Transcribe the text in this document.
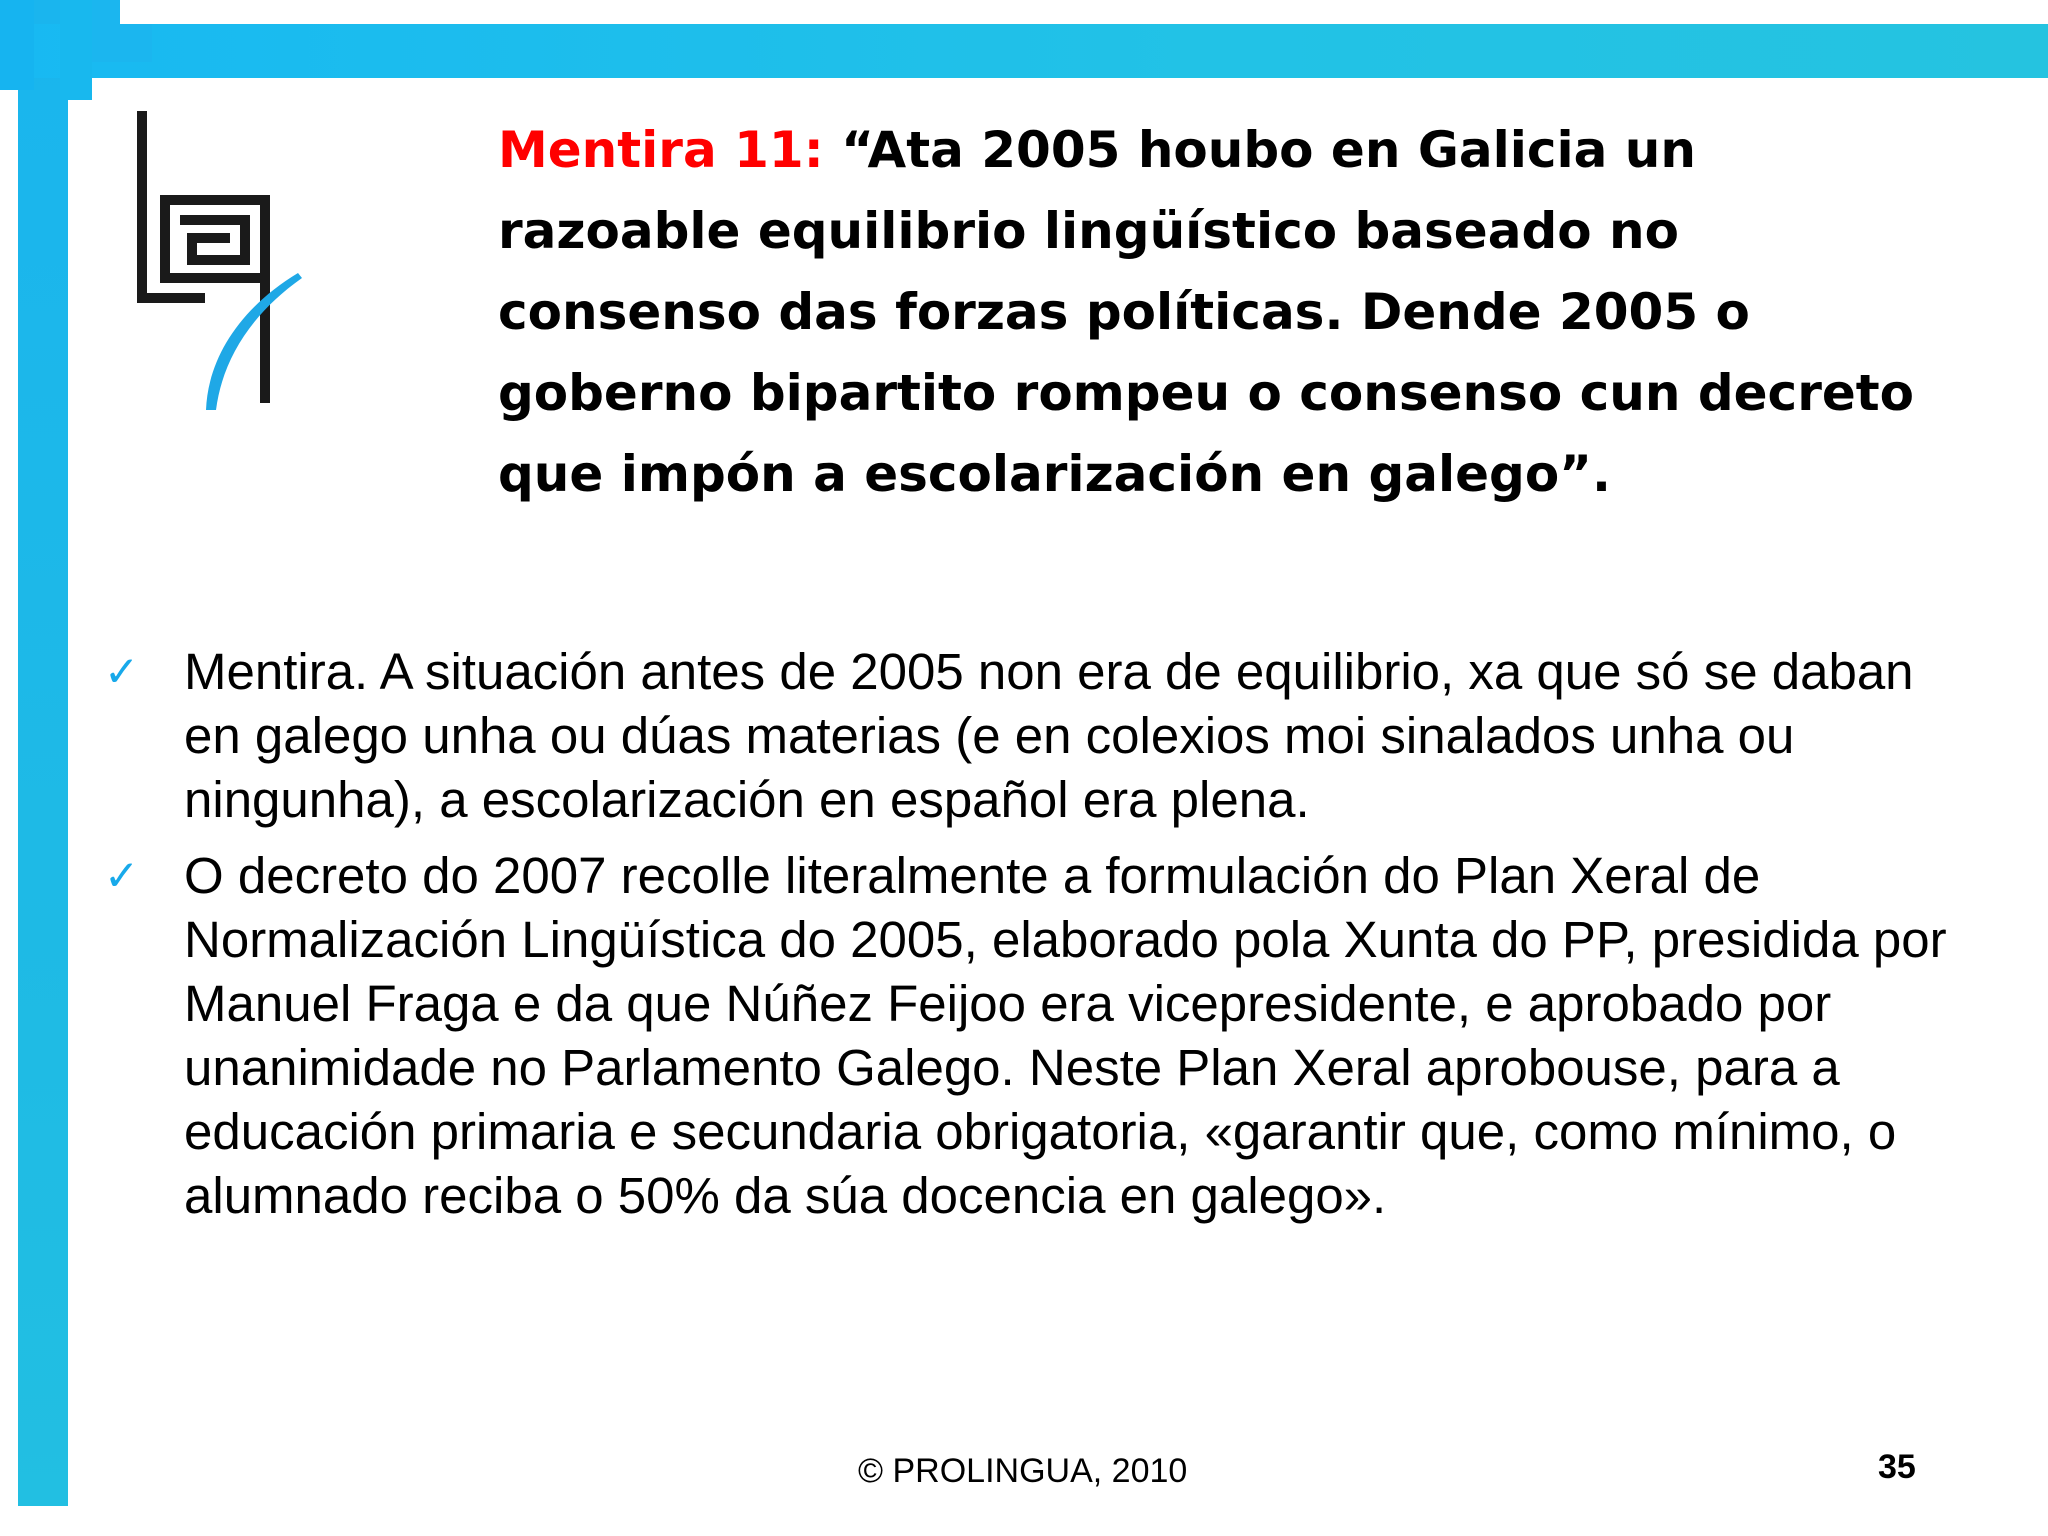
Mentira 11: “Ata 2005 houbo en Galicia un razoable equilibrio lingüístico baseado no consenso das forzas políticas. Dende 2005 o goberno bipartito rompeu o consenso cun decreto que impón a escolarización en galego”.
✓ Mentira. A situación antes de 2005 non era de equilibrio, xa que só se daban en galego unha ou dúas materias (e en colexios moi sinalados unha ou ningunha), a escolarización en español era plena.
✓ O decreto do 2007 recolle literalmente a formulación do Plan Xeral de Normalización Lingüística do 2005, elaborado pola Xunta do PP, presidida por Manuel Fraga e da que Núñez Feijoo era vicepresidente, e aprobado por unanimidade no Parlamento Galego. Neste Plan Xeral aprobouse, para a educación primaria e secundaria obrigatoria, «garantir que, como mínimo, o alumnado reciba o 50% da súa docencia en galego».
© PROLINGUA, 2010	35
